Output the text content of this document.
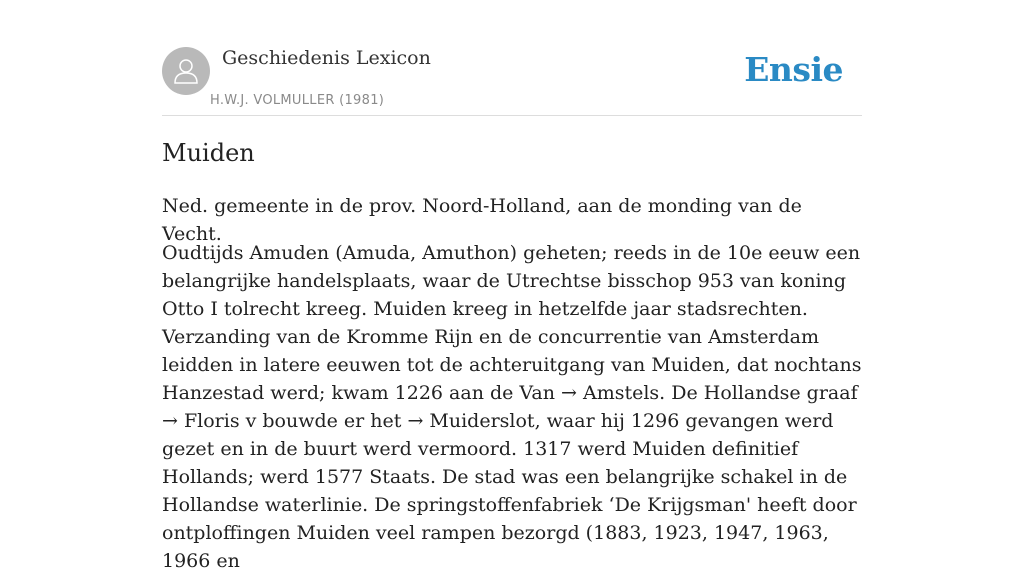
Geschiedenis Lexicon
H.W.J. VOLMULLER (1981)
Ensie
Muiden

Ned. gemeente in de prov. Noord-Holland, aan de monding van de Vecht.

Oudtijds Amuden (Amuda, Amuthon) geheten; reeds in de 10e eeuw een belangrijke handelsplaats, waar de Utrechtse bisschop 953 van koning Otto I tolrecht kreeg. Muiden kreeg in hetzelfde jaar stadsrechten. Verzanding van de Kromme Rijn en de concurrentie van Amsterdam leidden in latere eeuwen tot de achteruitgang van Muiden, dat nochtans Hanzestad werd; kwam 1226 aan de Van → Amstels. De Hollandse graaf → Floris v bouwde er het → Muiderslot, waar hij 1296 gevangen werd gezet en in de buurt werd vermoord. 1317 werd Muiden definitief Hollands; werd 1577 Staats. De stad was een belangrijke schakel in de Hollandse waterlinie. De springstoffenfabriek ‘De Krijgsman' heeft door ontploffingen Muiden veel rampen bezorgd (1883, 1923, 1947, 1963, 1966 en
